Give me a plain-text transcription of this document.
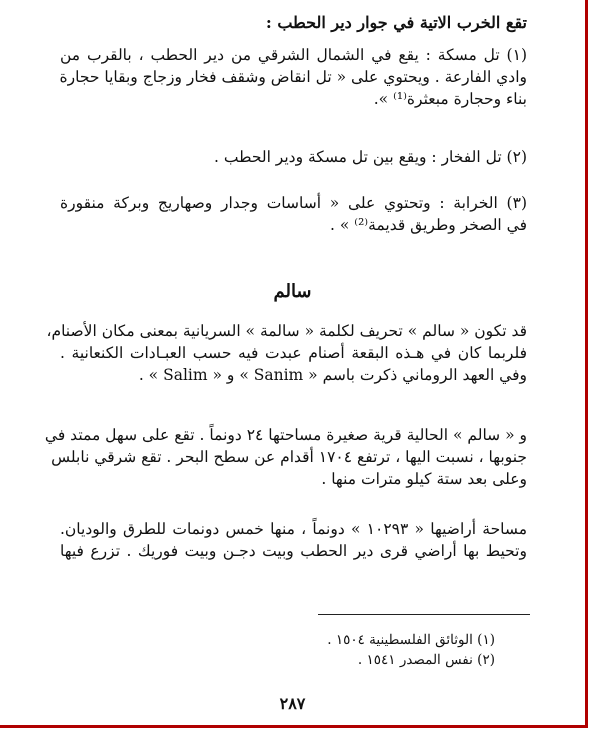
تقع الخرب الاتية في جوار دير الحطب :
(١) تل مسكة : يقع في الشمال الشرقي من دير الحطب ، بالقرب من
وادي الفارعة . ويحتوي على « تل انقاض وشقف فخار وزجاج وبقايا حجارة
بناء وحجارة مبعثرة⁽¹⁾ ».
(٢) تل الفخار : ويقع بين تل مسكة ودير الحطب .
(٣) الخرابة : وتحتوي على « أساسات وجدار وصهاريج وبركة منقورة
في الصخر وطريق قديمة⁽²⁾ » .
سالم
قد تكون « سالم » تحريف لكلمة « سالمة » السريانية بمعنى مكان الأصنام،
فلربما كان في هـذه البقعة أصنام عبدت فيه حسب العبـادات الكنعانية .
وفي العهد الروماني ذكرت باسم « Sanim » و « Salim » .
و « سالم » الحالية قرية صغيرة مساحتها ٢٤ دونماً . تقع على سهل ممتد في
جنوبها ، نسبت اليها ، ترتفع ١٧٠٤ أقدام عن سطح البحر . تقع شرقي نابلس
وعلى بعد ستة كيلو مترات منها .
مساحة أراضيها « ١٠٢٩٣ » دونماً ، منها خمس دونمات للطرق والوديان.
وتحيط بها أراضي قرى دير الحطب وبيت دجـن وبيت فوريك . تزرع فيها
(١) الوثائق الفلسطينية ١٥٠٤ .
(٢) نفس المصدر ١٥٤١ .
٢٨٧
